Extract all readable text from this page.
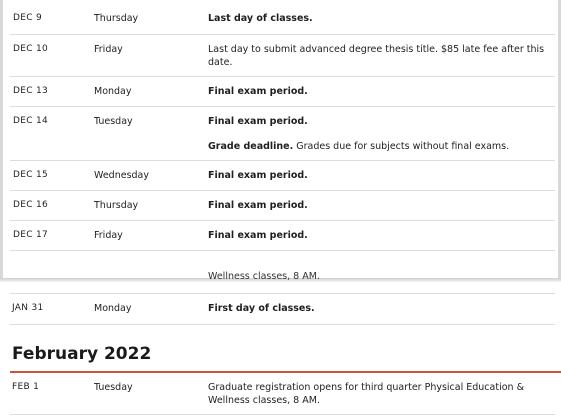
DEC 9	Thursday	Last day of classes.
DEC 10	Friday	Last day to submit advanced degree thesis title. $85 late fee after this date.
DEC 13	Monday	Final exam period.
DEC 14	Tuesday	Final exam period.
Grade deadline. Grades due for subjects without final exams.
DEC 15	Wednesday	Final exam period.
DEC 16	Thursday	Final exam period.
DEC 17	Friday	Final exam period.
Wellness classes, 8 AM.
JAN 31	Monday	First day of classes.
February 2022
FEB 1	Tuesday	Graduate registration opens for third quarter Physical Education & Wellness classes, 8 AM.
